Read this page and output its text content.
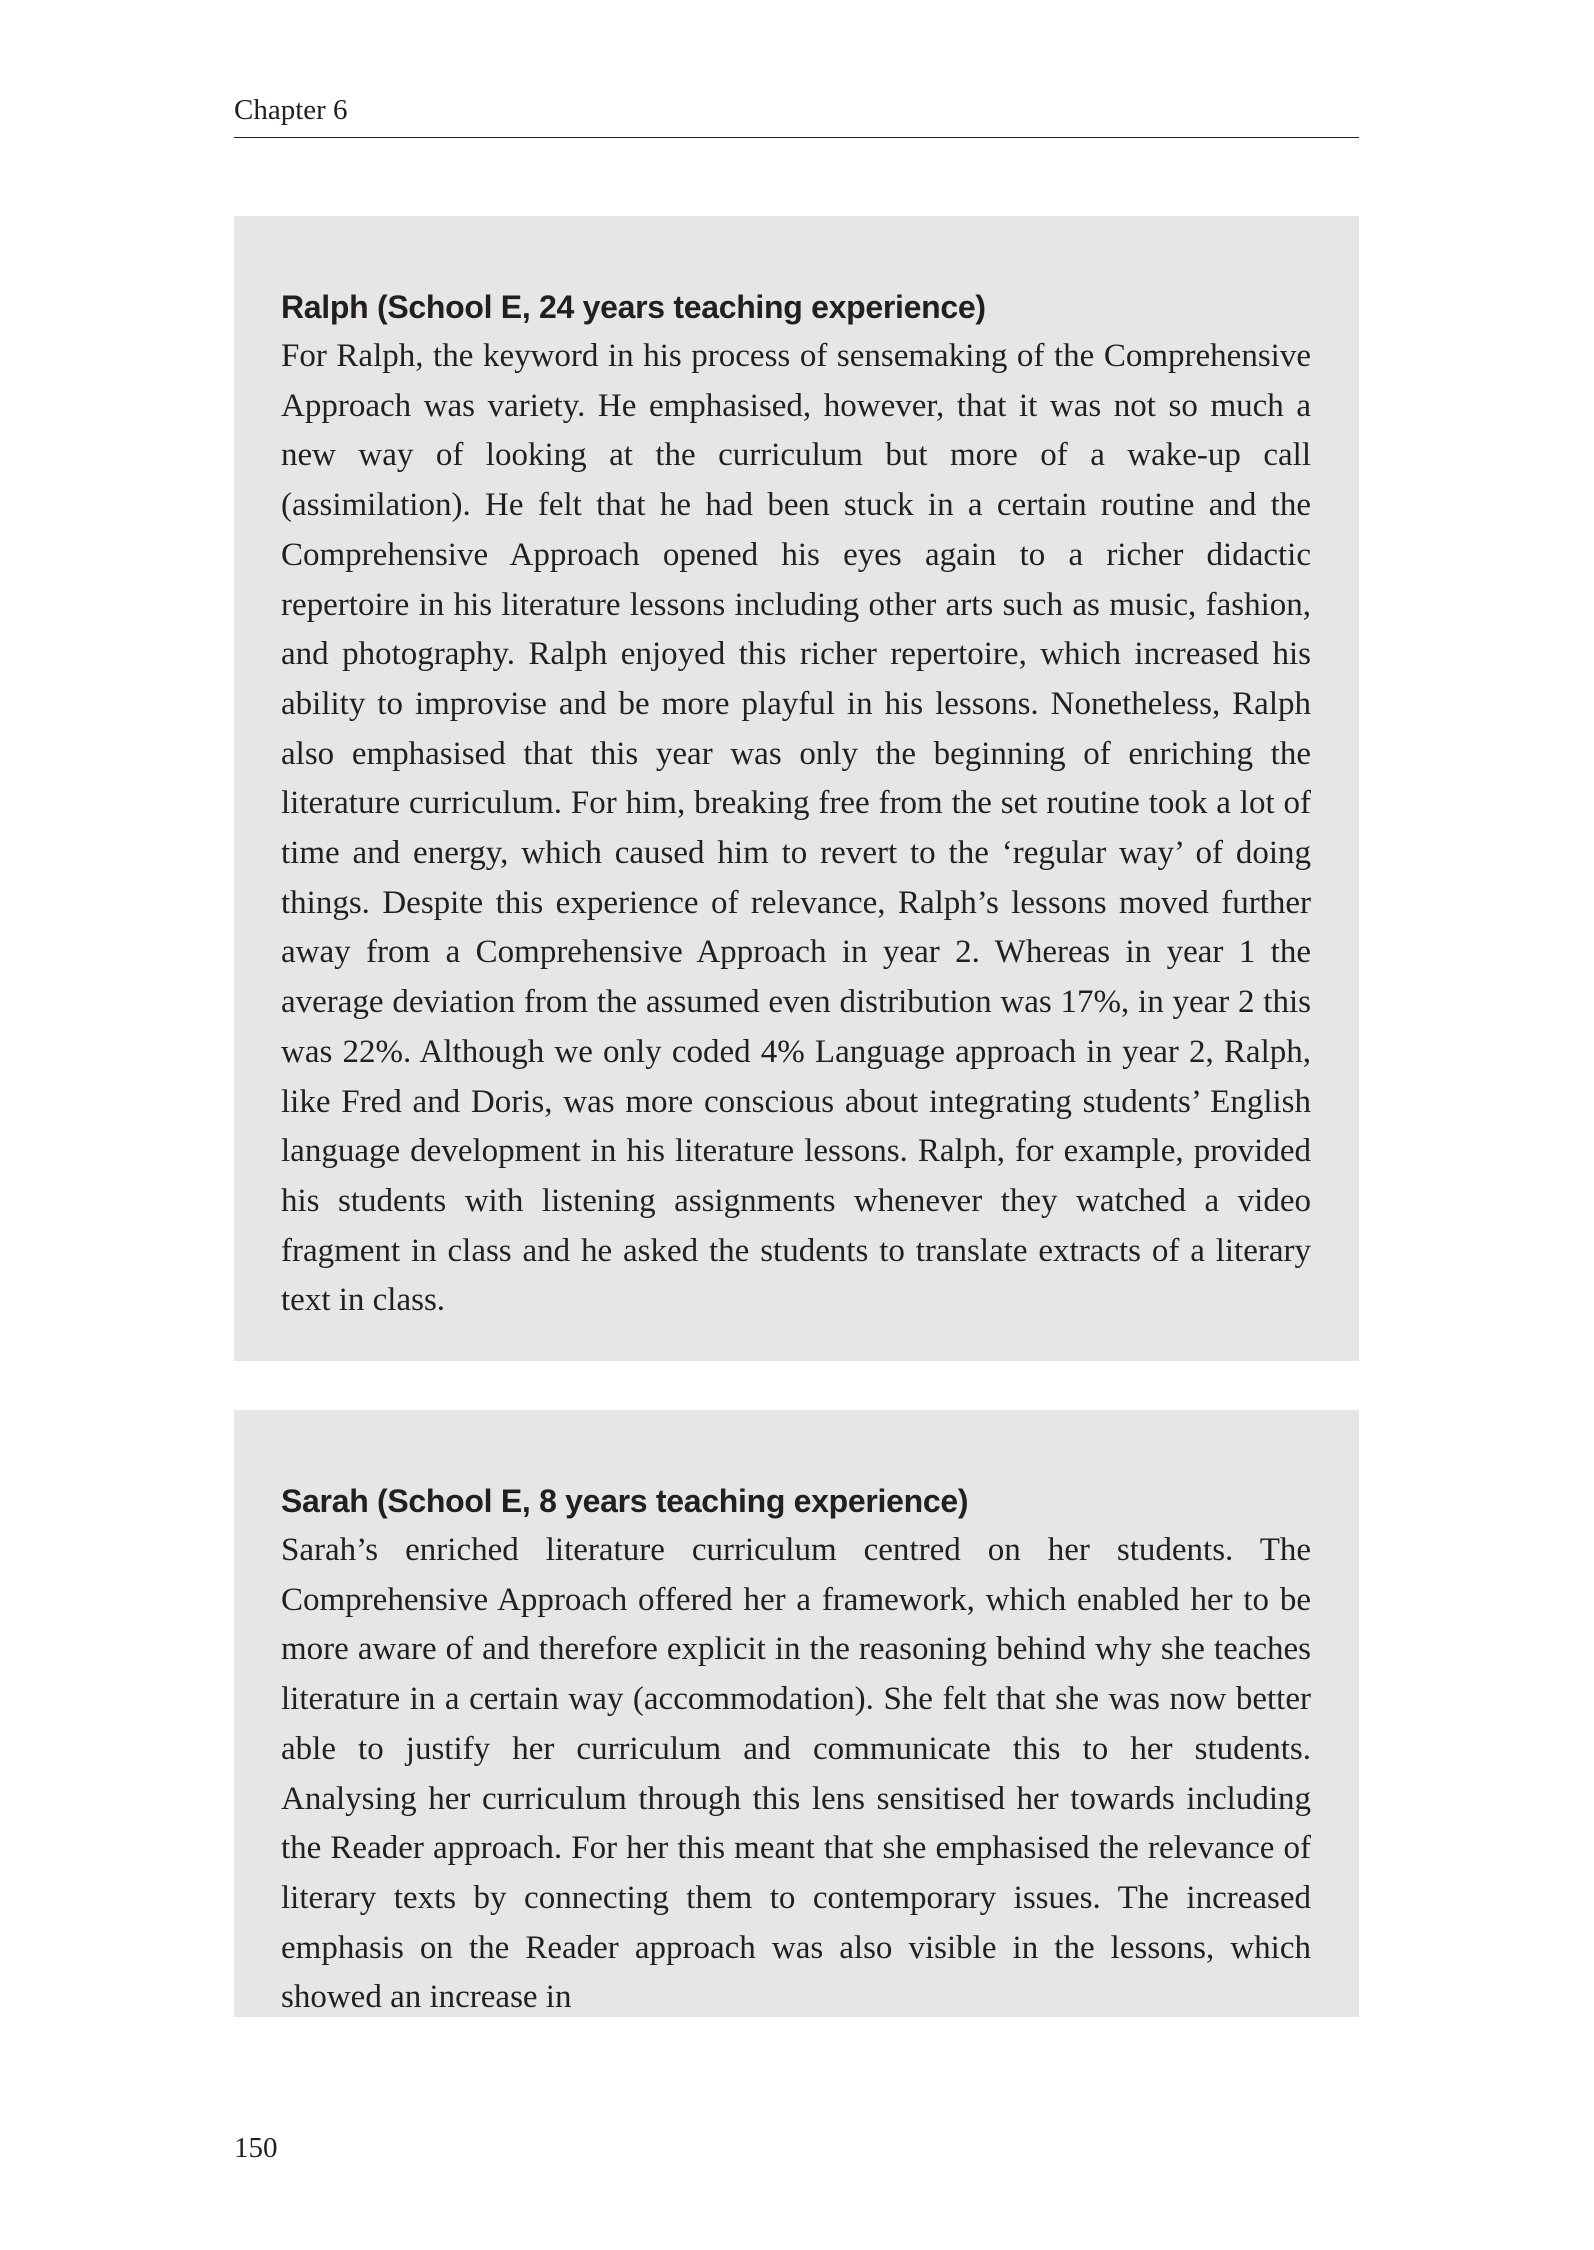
Chapter 6

Ralph (School E, 24 years teaching experience)

For Ralph, the keyword in his process of sensemaking of the Comprehensive Approach was variety. He emphasised, however, that it was not so much a new way of looking at the curriculum but more of a wake-up call (assimilation). He felt that he had been stuck in a certain routine and the Comprehensive Approach opened his eyes again to a richer didactic repertoire in his literature lessons including other arts such as music, fashion, and photography. Ralph enjoyed this richer repertoire, which increased his ability to improvise and be more playful in his lessons. Nonetheless, Ralph also emphasised that this year was only the beginning of enriching the literature curriculum. For him, breaking free from the set routine took a lot of time and energy, which caused him to revert to the ‘regular way’ of doing things. Despite this experience of relevance, Ralph’s lessons moved further away from a Comprehensive Approach in year 2. Whereas in year 1 the average deviation from the assumed even distribution was 17%, in year 2 this was 22%. Although we only coded 4% Language approach in year 2, Ralph, like Fred and Doris, was more conscious about integrating students’ English language development in his literature lessons. Ralph, for example, provided his students with listening assignments whenever they watched a video fragment in class and he asked the students to translate extracts of a literary text in class.

Sarah (School E, 8 years teaching experience)

Sarah’s enriched literature curriculum centred on her students. The Comprehensive Approach offered her a framework, which enabled her to be more aware of and therefore explicit in the reasoning behind why she teaches literature in a certain way (accommodation). She felt that she was now better able to justify her curriculum and communicate this to her students. Analysing her curriculum through this lens sensitised her towards including the Reader approach. For her this meant that she emphasised the relevance of literary texts by connecting them to contemporary issues. The increased emphasis on the Reader approach was also visible in the lessons, which showed an increase in

150
